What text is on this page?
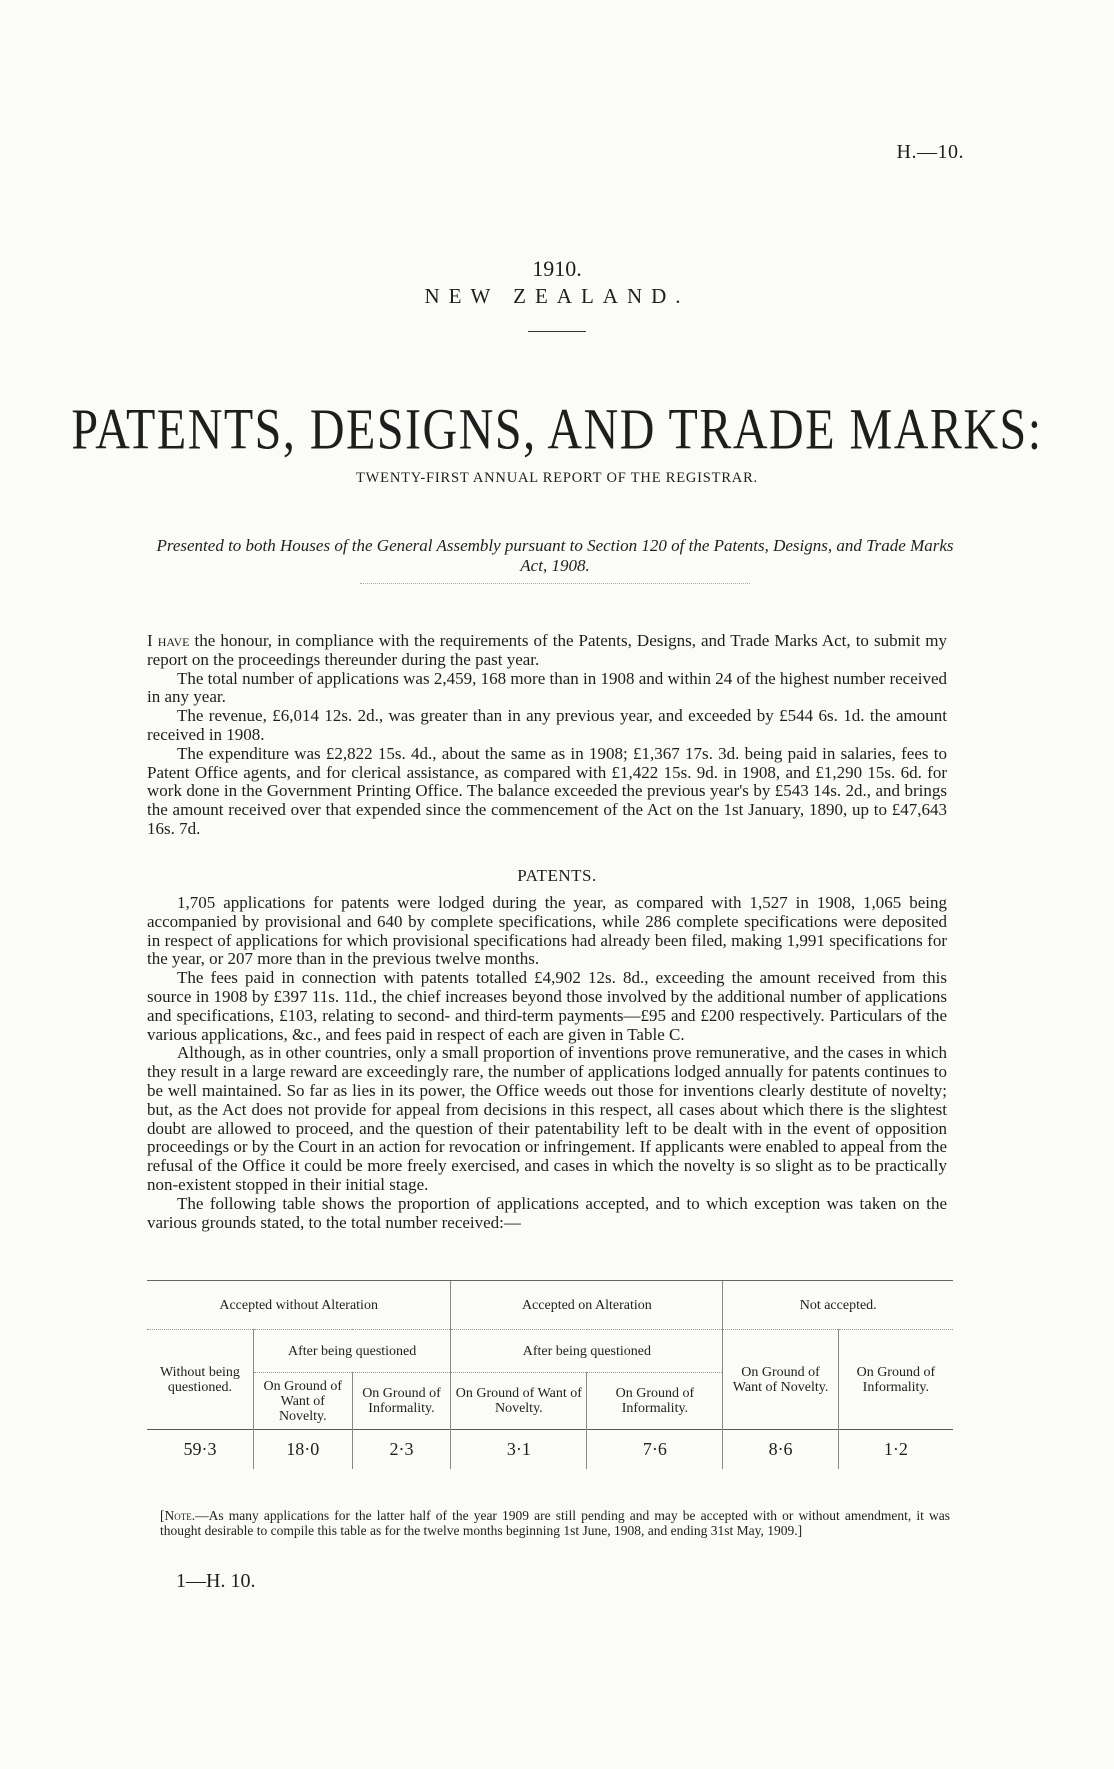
H.—10.
1910.
NEW ZEALAND.
PATENTS, DESIGNS, AND TRADE MARKS:
TWENTY-FIRST ANNUAL REPORT OF THE REGISTRAR.
Presented to both Houses of the General Assembly pursuant to Section 120 of the Patents, Designs, and Trade Marks Act, 1908.

I have the honour, in compliance with the requirements of the Patents, Designs, and Trade Marks Act, to submit my report on the proceedings thereunder during the past year.

The total number of applications was 2,459, 168 more than in 1908 and within 24 of the highest number received in any year.

The revenue, £6,014 12s. 2d., was greater than in any previous year, and exceeded by £544 6s. 1d. the amount received in 1908.

The expenditure was £2,822 15s. 4d., about the same as in 1908; £1,367 17s. 3d. being paid in salaries, fees to Patent Office agents, and for clerical assistance, as compared with £1,422 15s. 9d. in 1908, and £1,290 15s. 6d. for work done in the Government Printing Office. The balance exceeded the previous year's by £543 14s. 2d., and brings the amount received over that expended since the commencement of the Act on the 1st January, 1890, up to £47,643 16s. 7d.

PATENTS.

1,705 applications for patents were lodged during the year, as compared with 1,527 in 1908, 1,065 being accompanied by provisional and 640 by complete specifications, while 286 complete specifications were deposited in respect of applications for which provisional specifications had already been filed, making 1,991 specifications for the year, or 207 more than in the previous twelve months.

The fees paid in connection with patents totalled £4,902 12s. 8d., exceeding the amount received from this source in 1908 by £397 11s. 11d., the chief increases beyond those involved by the additional number of applications and specifications, £103, relating to second- and third-term payments—£95 and £200 respectively. Particulars of the various applications, &c., and fees paid in respect of each are given in Table C.

Although, as in other countries, only a small proportion of inventions prove remunerative, and the cases in which they result in a large reward are exceedingly rare, the number of applications lodged annually for patents continues to be well maintained. So far as lies in its power, the Office weeds out those for inventions clearly destitute of novelty; but, as the Act does not provide for appeal from decisions in this respect, all cases about which there is the slightest doubt are allowed to proceed, and the question of their patentability left to be dealt with in the event of opposition proceedings or by the Court in an action for revocation or infringement. If applicants were enabled to appeal from the refusal of the Office it could be more freely exercised, and cases in which the novelty is so slight as to be practically non-existent stopped in their initial stage.

The following table shows the proportion of applications accepted, and to which exception was taken on the various grounds stated, to the total number received:—

Accepted without Alteration			Accepted on Alteration		Not accepted.	
Without being questioned.	After being questioned		After being questioned		On Ground of Want of Novelty.	On Ground of Informality.
	On Ground of Want of Novelty.	On Ground of Informality.	On Ground of Want of Novelty.	On Ground of Informality.		
59·3	18·0	2·3	3·1	7·6	8·6	1·2
[Note.—As many applications for the latter half of the year 1909 are still pending and may be accepted with or without amendment, it was thought desirable to compile this table as for the twelve months beginning 1st June, 1908, and ending 31st May, 1909.]
1—H. 10.
